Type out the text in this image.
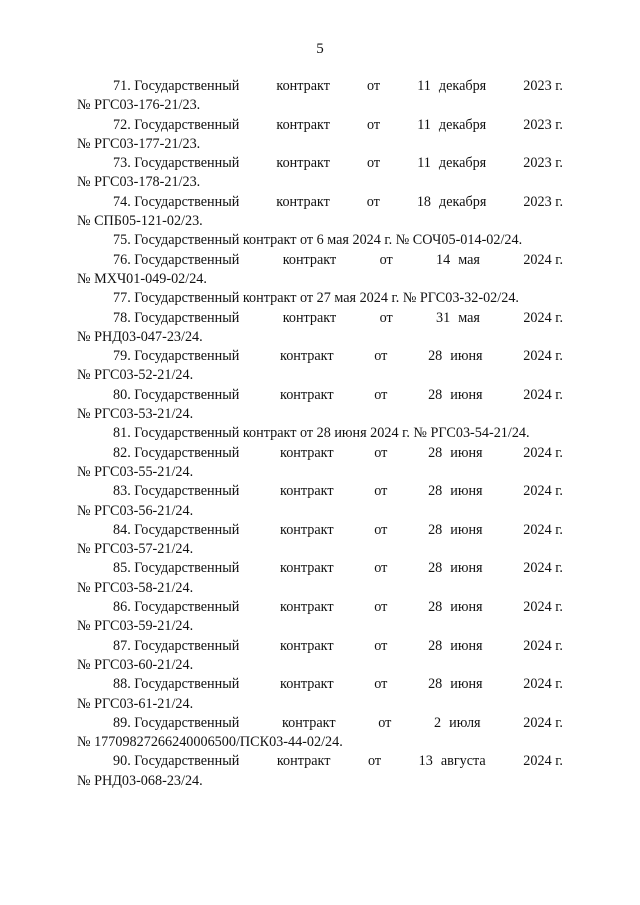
5
71. Государственный	контракт	от	11 декабря	2023 г.
№ РГС03-176-21/23.
72. Государственный	контракт	от	11 декабря	2023 г.
№ РГС03-177-21/23.
73. Государственный	контракт	от	11 декабря	2023 г.
№ РГС03-178-21/23.
74. Государственный	контракт	от	18 декабря	2023 г.
№ СПБ05-121-02/23.
75. Государственный контракт от 6 мая 2024 г. № СОЧ05-014-02/24.
76. Государственный	контракт	от	14 мая	2024 г.
№ МХЧ01-049-02/24.
77. Государственный контракт от 27 мая 2024 г. № РГС03-32-02/24.
78. Государственный	контракт	от	31 мая	2024 г.
№ РНД03-047-23/24.
79. Государственный	контракт	от	28 июня	2024 г.
№ РГС03-52-21/24.
80. Государственный	контракт	от	28 июня	2024 г.
№ РГС03-53-21/24.
81. Государственный контракт от 28 июня 2024 г. № РГС03-54-21/24.
82. Государственный	контракт	от	28 июня	2024 г.
№ РГС03-55-21/24.
83. Государственный	контракт	от	28 июня	2024 г.
№ РГС03-56-21/24.
84. Государственный	контракт	от	28 июня	2024 г.
№ РГС03-57-21/24.
85. Государственный	контракт	от	28 июня	2024 г.
№ РГС03-58-21/24.
86. Государственный	контракт	от	28 июня	2024 г.
№ РГС03-59-21/24.
87. Государственный	контракт	от	28 июня	2024 г.
№ РГС03-60-21/24.
88. Государственный	контракт	от	28 июня	2024 г.
№ РГС03-61-21/24.
89. Государственный	контракт	от	2 июля	2024 г.
№ 17709827266240006500/ПСК03-44-02/24.
90. Государственный	контракт	от	13 августа	2024 г.
№ РНД03-068-23/24.
